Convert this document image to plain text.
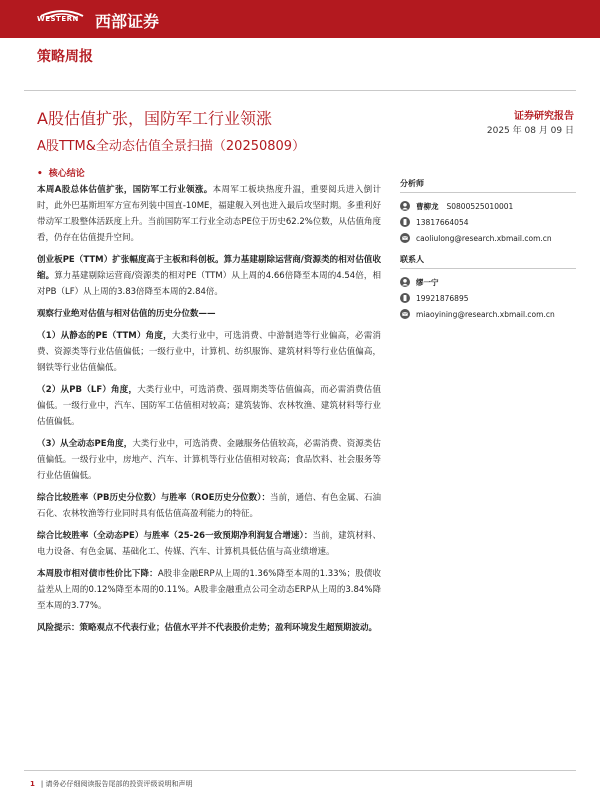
WESTERN 西部证券
策略周报
A股估值扩张，国防军工行业领涨
A股TTM&全动态估值全景扫描（20250809）
证券研究报告
2025 年 08 月 09 日
• 核心结论

本周A股总体估值扩张，国防军工行业领涨。本周军工板块热度升温，重要阅兵进入倒计时，此外巴基斯坦军方宣布列装中国直-10ME，福建舰入列也进入最后攻坚时期。多重利好带动军工股整体活跃度上升。当前国防军工行业全动态PE位于历史62.2%位数，从估值角度看，仍存在估值提升空间。

创业板PE（TTM）扩张幅度高于主板和科创板。算力基建剔除运营商/资源类的相对估值收缩。算力基建剔除运营商/资源类的相对PE（TTM）从上周的4.66倍降至本周的4.54倍，相对PB（LF）从上周的3.83倍降至本周的2.84倍。

观察行业绝对估值与相对估值的历史分位数——

（1）从静态的PE（TTM）角度，大类行业中，可选消费、中游制造等行业偏高，必需消费、资源类等行业估值偏低；一级行业中，计算机、纺织服饰、建筑材料等行业估值偏高，钢铁等行业估值偏低。

（2）从PB（LF）角度，大类行业中，可选消费、强周期类等估值偏高，而必需消费估值偏低。一级行业中，汽车、国防军工估值相对较高；建筑装饰、农林牧渔、建筑材料等行业估值偏低。

（3）从全动态PE角度，大类行业中，可选消费、金融服务估值较高，必需消费、资源类估值偏低。一级行业中，房地产、汽车、计算机等行业估值相对较高；食品饮料、社会服务等行业估值偏低。

综合比较胜率（PB历史分位数）与胜率（ROE历史分位数）：当前，通信、有色金属、石油石化、农林牧渔等行业同时具有低估值高盈利能力的特征。

综合比较胜率（全动态PE）与胜率（25-26一致预期净利润复合增速）：当前，建筑材料、电力设备、有色金属、基础化工、传媒、汽车、计算机具低估值与高业绩增速。

本周股市相对债市性价比下降：A股非金融ERP从上周的1.36%降至本周的1.33%；股债收益差从上周的0.12%降至本周的0.11%。A股非金融重点公司全动态ERP从上周的3.84%降至本周的3.77%。

风险提示：策略观点不代表行业；估值水平并不代表股价走势；盈利环境发生超预期波动。

分析师
曹柳龙 S0800525010001
13817664054
caoliulong@research.xbmail.com.cn
联系人
缪一宁
19921876895
miaoyining@research.xbmail.com.cn
1 | 请务必仔细阅读报告尾部的投资评级说明和声明
